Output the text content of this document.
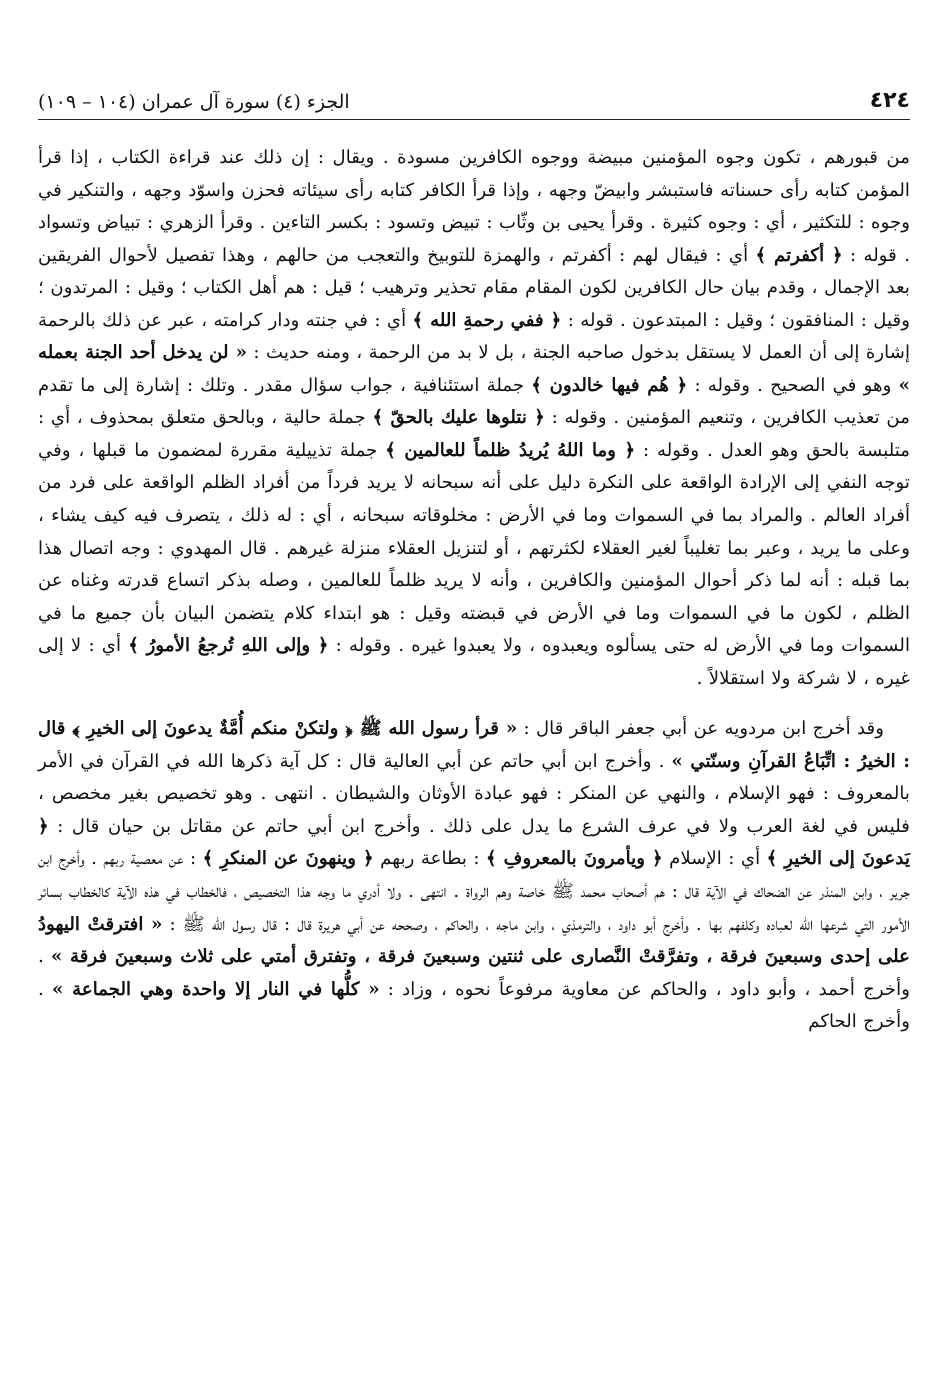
٤٢٤
الجزء (٤) سورة آل عمران (١٠٤ – ١٠٩)

من قبورهم ، تكون وجوه المؤمنين مبيضة ووجوه الكافرين مسودة . ويقال : إن ذلك عند قراءة الكتاب ، إذا قرأ المؤمن كتابه رأى حسناته فاستبشر وابيضّ وجهه ، وإذا قرأ الكافر كتابه رأى سيئاته فحزن واسوّد وجهه ، والتنكير في وجوه : للتكثير ، أي : وجوه كثيرة . وقرأ يحيى بن وثّاب : تبيض وتسود : بكسر التاءين . وقرأ الزهري : تبياض وتسواد . قوله : ﴿ أكفرتم ﴾ أي : فيقال لهم : أكفرتم ، والهمزة للتوبيخ والتعجب من حالهم ، وهذا تفصيل لأحوال الفريقين بعد الإجمال ، وقدم بيان حال الكافرين لكون المقام مقام تحذير وترهيب ؛ قيل : هم أهل الكتاب ؛ وقيل : المرتدون ؛ وقيل : المنافقون ؛ وقيل : المبتدعون . قوله : ﴿ ففي رحمةِ الله ﴾ أي : في جنته ودار كرامته ، عبر عن ذلك بالرحمة إشارة إلى أن العمل لا يستقل بدخول صاحبه الجنة ، بل لا بد من الرحمة ، ومنه حديث : « لن يدخل أحد الجنة بعمله » وهو في الصحيح . وقوله : ﴿ هُم فيها خالدون ﴾ جملة استئنافية ، جواب سؤال مقدر . وتلك : إشارة إلى ما تقدم من تعذيب الكافرين ، وتنعيم المؤمنين . وقوله : ﴿ نتلوها عليك بالحقّ ﴾ جملة حالية ، وبالحق متعلق بمحذوف ، أي : متلبسة بالحق وهو العدل . وقوله : ﴿ وما اللهُ يُريدُ ظلماً للعالمين ﴾ جملة تذييلية مقررة لمضمون ما قبلها ، وفي توجه النفي إلى الإرادة الواقعة على النكرة دليل على أنه سبحانه لا يريد فرداً من أفراد الظلم الواقعة على فرد من أفراد العالم . والمراد بما في السموات وما في الأرض : مخلوقاته سبحانه ، أي : له ذلك ، يتصرف فيه كيف يشاء ، وعلى ما يريد ، وعبر بما تغليباً لغير العقلاء لكثرتهم ، أو لتنزيل العقلاء منزلة غيرهم . قال المهدوي : وجه اتصال هذا بما قبله : أنه لما ذكر أحوال المؤمنين والكافرين ، وأنه لا يريد ظلماً للعالمين ، وصله بذكر اتساع قدرته وغناه عن الظلم ، لكون ما في السموات وما في الأرض في قبضته وقيل : هو ابتداء كلام يتضمن البيان بأن جميع ما في السموات وما في الأرض له حتى يسألوه ويعبدوه ، ولا يعبدوا غيره . وقوله : ﴿ وإلى اللهِ تُرجعُ الأمورُ ﴾ أي : لا إلى غيره ، لا شركة ولا استقلالاً .

وقد أخرج ابن مردويه عن أبي جعفر الباقر قال : « قرأ رسول الله ﷺ ﴿ ولتكنْ منكم أُمَّةٌ يدعونَ إلى الخيرِ ﴾ قال : الخيرُ : اتِّبَاعُ القرآنِ وسنّتي » . وأخرج ابن أبي حاتم عن أبي العالية قال : كل آية ذكرها الله في القرآن في الأمر بالمعروف : فهو الإسلام ، والنهي عن المنكر : فهو عبادة الأوثان والشيطان . انتهى . وهو تخصيص بغير مخصص ، فليس في لغة العرب ولا في عرف الشرع ما يدل على ذلك . وأخرج ابن أبي حاتم عن مقاتل بن حيان قال : ﴿ يَدعونَ إلى الخيرِ ﴾ أي : الإسلام ﴿ ويأمرونَ بالمعروفِ ﴾ : بطاعة ربهم ﴿ وينهونَ عن المنكرِ ﴾ : عن معصية ربهم . وأخرج ابن جرير ، وابن المنذر عن الضحاك في الآية قال : هم أصحاب محمد ﷺ خاصة وهم الرواة . انتهى . ولا أدري ما وجه هذا التخصيص ، فالخطاب في هذه الآية كالخطاب بسائر الأمور التي شرعها الله لعباده وكلفهم بها . وأخرج أبو داود ، والترمذي ، وابن ماجه ، والحاكم ، وصححه عن أبي هريرة قال : قال رسول الله ﷺ : « افترقتْ اليهودُ على إحدى وسبعينَ فرقة ، وتفرَّقتْ النَّصارى على ثنتين وسبعينَ فرقة ، وتفترق أمتي على ثلاث وسبعينَ فرقة » . وأخرج أحمد ، وأبو داود ، والحاكم عن معاوية مرفوعاً نحوه ، وزاد : « كلُّها في النار إلا واحدة وهي الجماعة » . وأخرج الحاكم
